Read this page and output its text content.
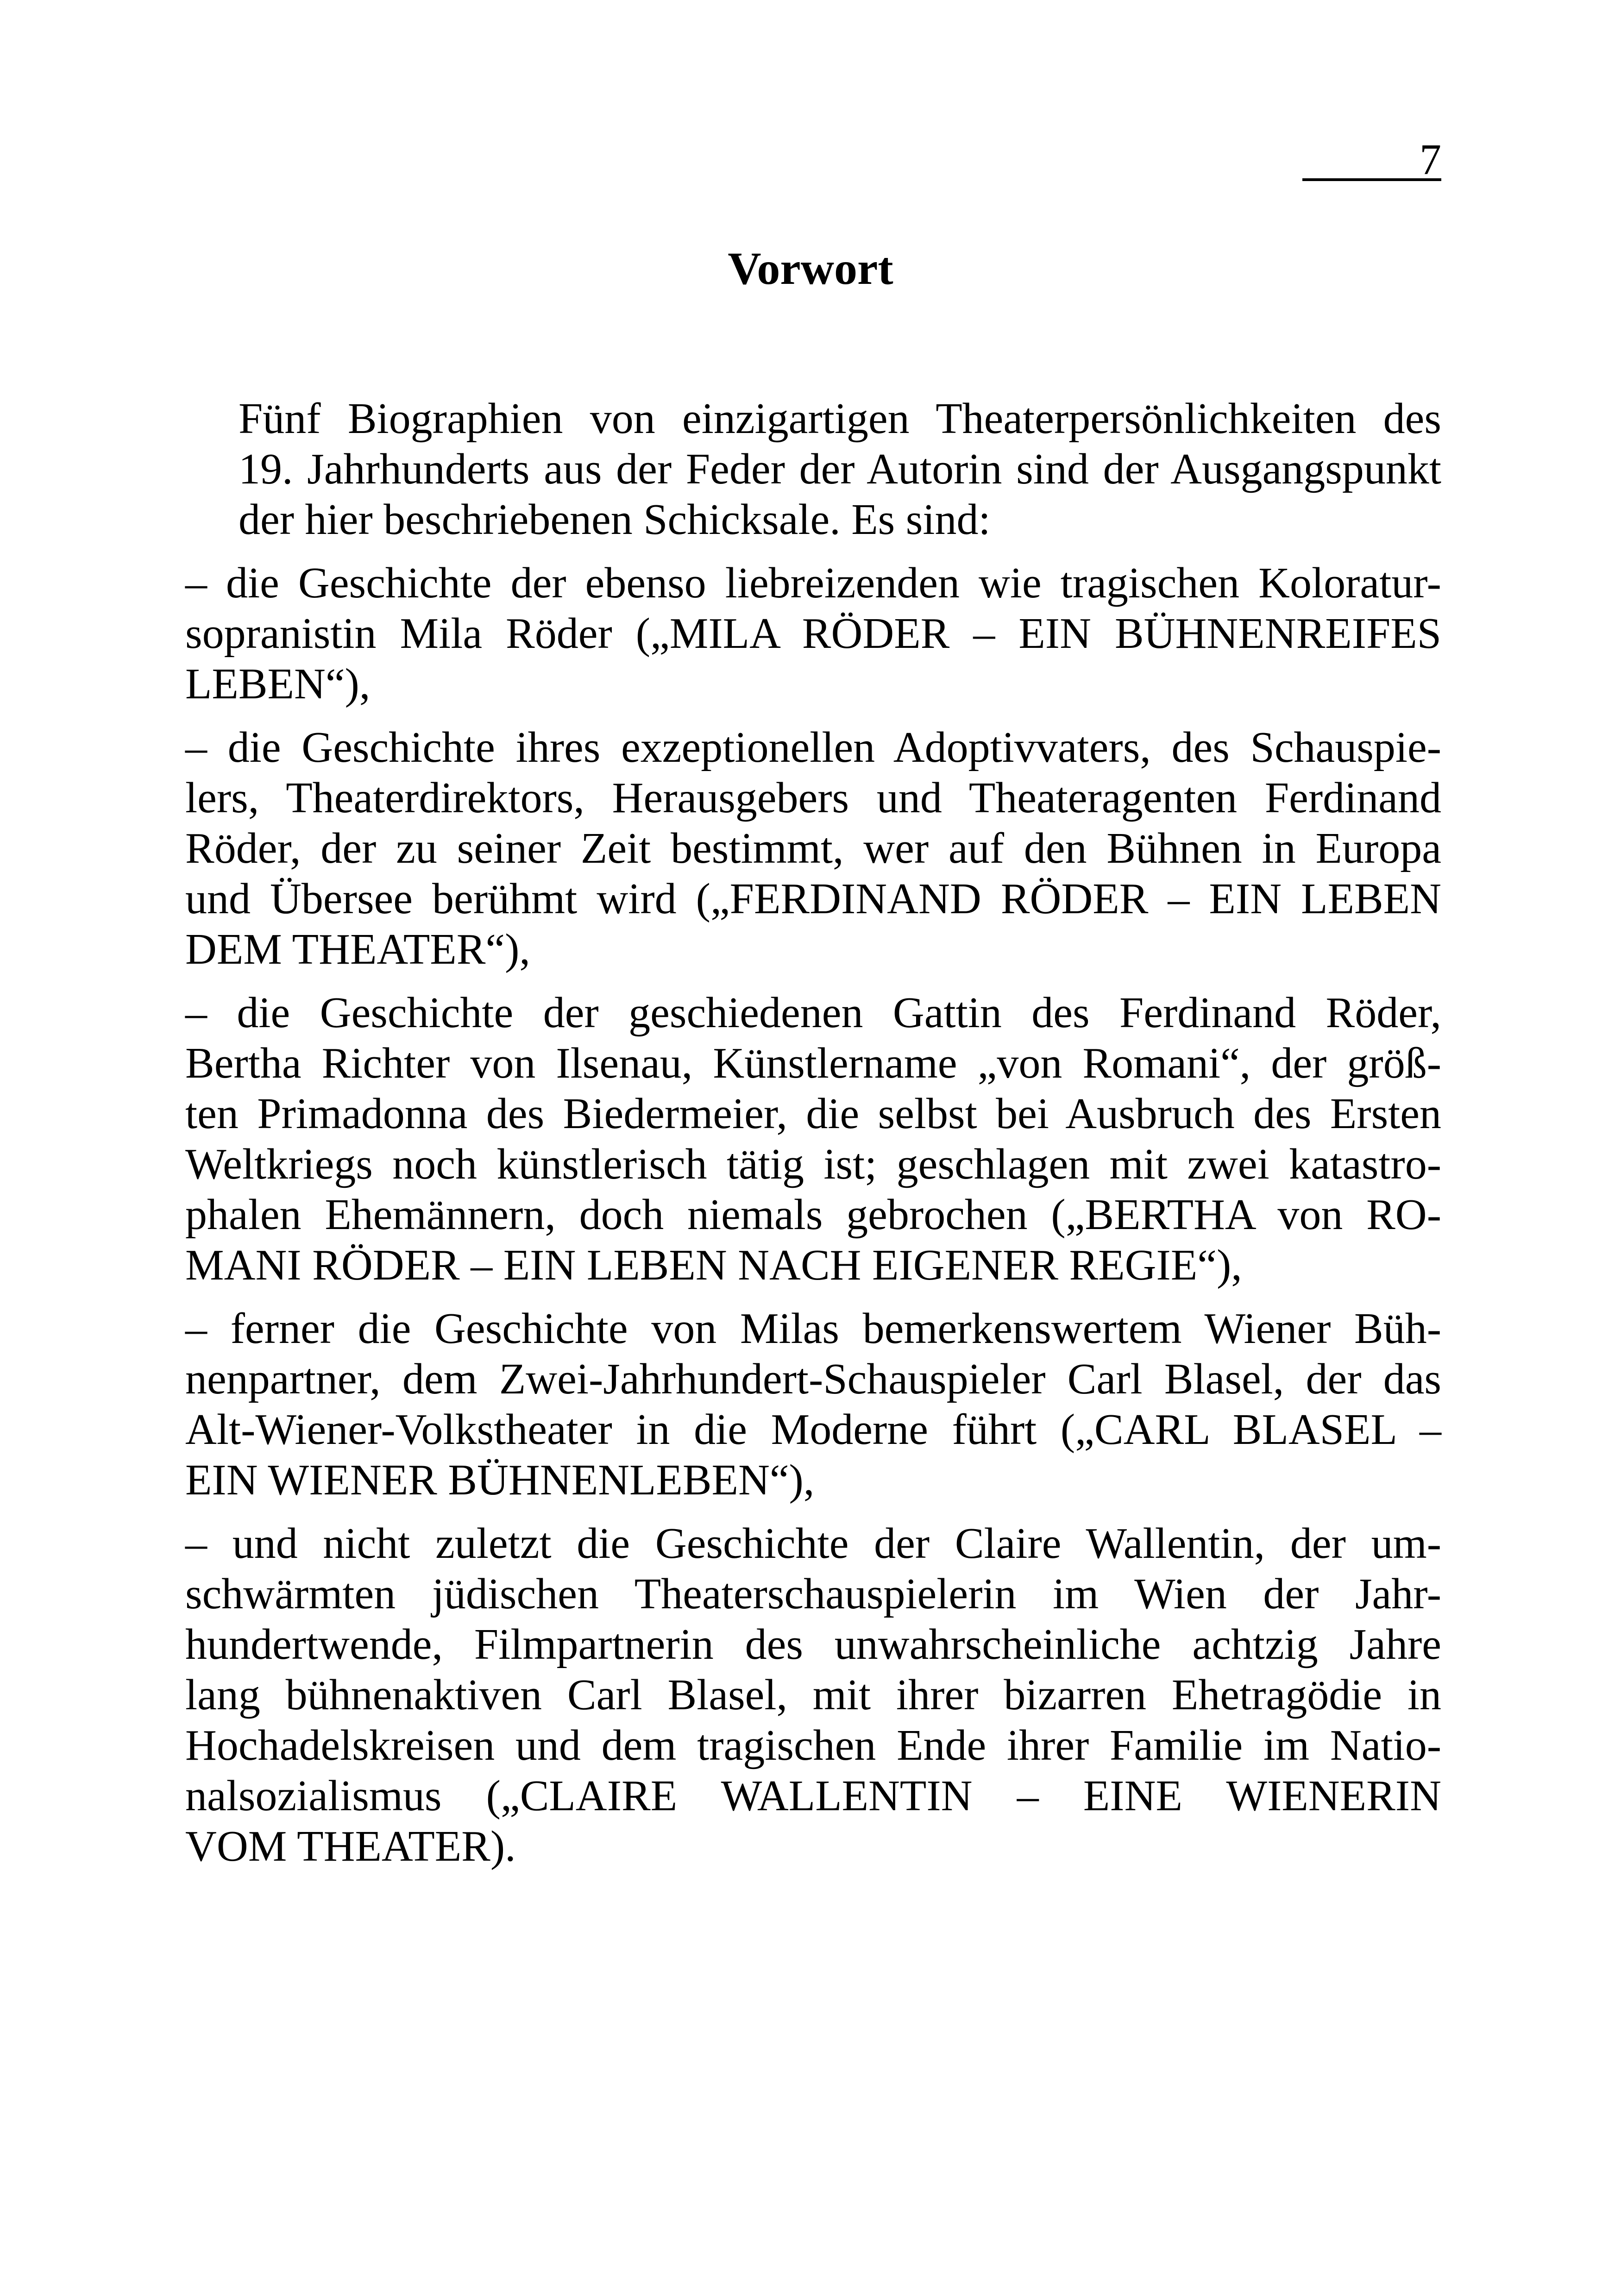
7
Vorwort

Fünf Biographien von einzigartigen Theaterpersönlichkeiten des
19. Jahrhunderts aus der Feder der Autorin sind der Ausgangspunkt
der hier beschriebenen Schicksale. Es sind:

– die Geschichte der ebenso liebreizenden wie tragischen Koloratur-
sopranistin Mila Röder („MILA RÖDER – EIN BÜHNENREIFES
LEBEN“),

– die Geschichte ihres exzeptionellen Adoptivvaters, des Schauspie-
lers, Theaterdirektors, Herausgebers und Theateragenten Ferdinand
Röder, der zu seiner Zeit bestimmt, wer auf den Bühnen in Europa
und Übersee berühmt wird („FERDINAND RÖDER – EIN LEBEN
DEM THEATER“),

– die Geschichte der geschiedenen Gattin des Ferdinand Röder,
Bertha Richter von Ilsenau, Künstlername „von Romani“, der größ-
ten Primadonna des Biedermeier, die selbst bei Ausbruch des Ersten
Weltkriegs noch künstlerisch tätig ist; geschlagen mit zwei katastro-
phalen Ehemännern, doch niemals gebrochen („BERTHA von RO-
MANI RÖDER – EIN LEBEN NACH EIGENER REGIE“),

– ferner die Geschichte von Milas bemerkenswertem Wiener Büh-
nenpartner, dem Zwei-Jahrhundert-Schauspieler Carl Blasel, der das
Alt-Wiener-Volkstheater in die Moderne führt („CARL BLASEL –
EIN WIENER BÜHNENLEBEN“),

– und nicht zuletzt die Geschichte der Claire Wallentin, der um-
schwärmten jüdischen Theaterschauspielerin im Wien der Jahr-
hundertwende, Filmpartnerin des unwahrscheinliche achtzig Jahre
lang bühnenaktiven Carl Blasel, mit ihrer bizarren Ehetragödie in
Hochadelskreisen und dem tragischen Ende ihrer Familie im Natio-
nalsozialismus („CLAIRE WALLENTIN – EINE WIENERIN
VOM THEATER).
